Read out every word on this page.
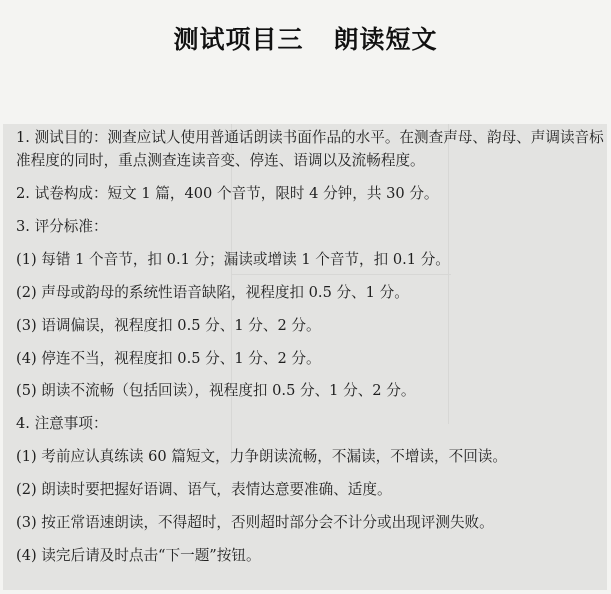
测试项目三 朗读短文

1. 测试目的：测查应试人使用普通话朗读书面作品的水平。在测查声母、韵母、声调读音标准程度的同时，重点测查连读音变、停连、语调以及流畅程度。

2. 试卷构成：短文 1 篇，400 个音节，限时 4 分钟，共 30 分。

3. 评分标准：

(1) 每错 1 个音节，扣 0.1 分；漏读或增读 1 个音节，扣 0.1 分。

(2) 声母或韵母的系统性语音缺陷，视程度扣 0.5 分、1 分。

(3) 语调偏误，视程度扣 0.5 分、1 分、2 分。

(4) 停连不当，视程度扣 0.5 分、1 分、2 分。

(5) 朗读不流畅（包括回读），视程度扣 0.5 分、1 分、2 分。

4. 注意事项：

(1) 考前应认真练读 60 篇短文，力争朗读流畅，不漏读，不增读，不回读。

(2) 朗读时要把握好语调、语气，表情达意要准确、适度。

(3) 按正常语速朗读，不得超时，否则超时部分会不计分或出现评测失败。

(4) 读完后请及时点击“下一题”按钮。
